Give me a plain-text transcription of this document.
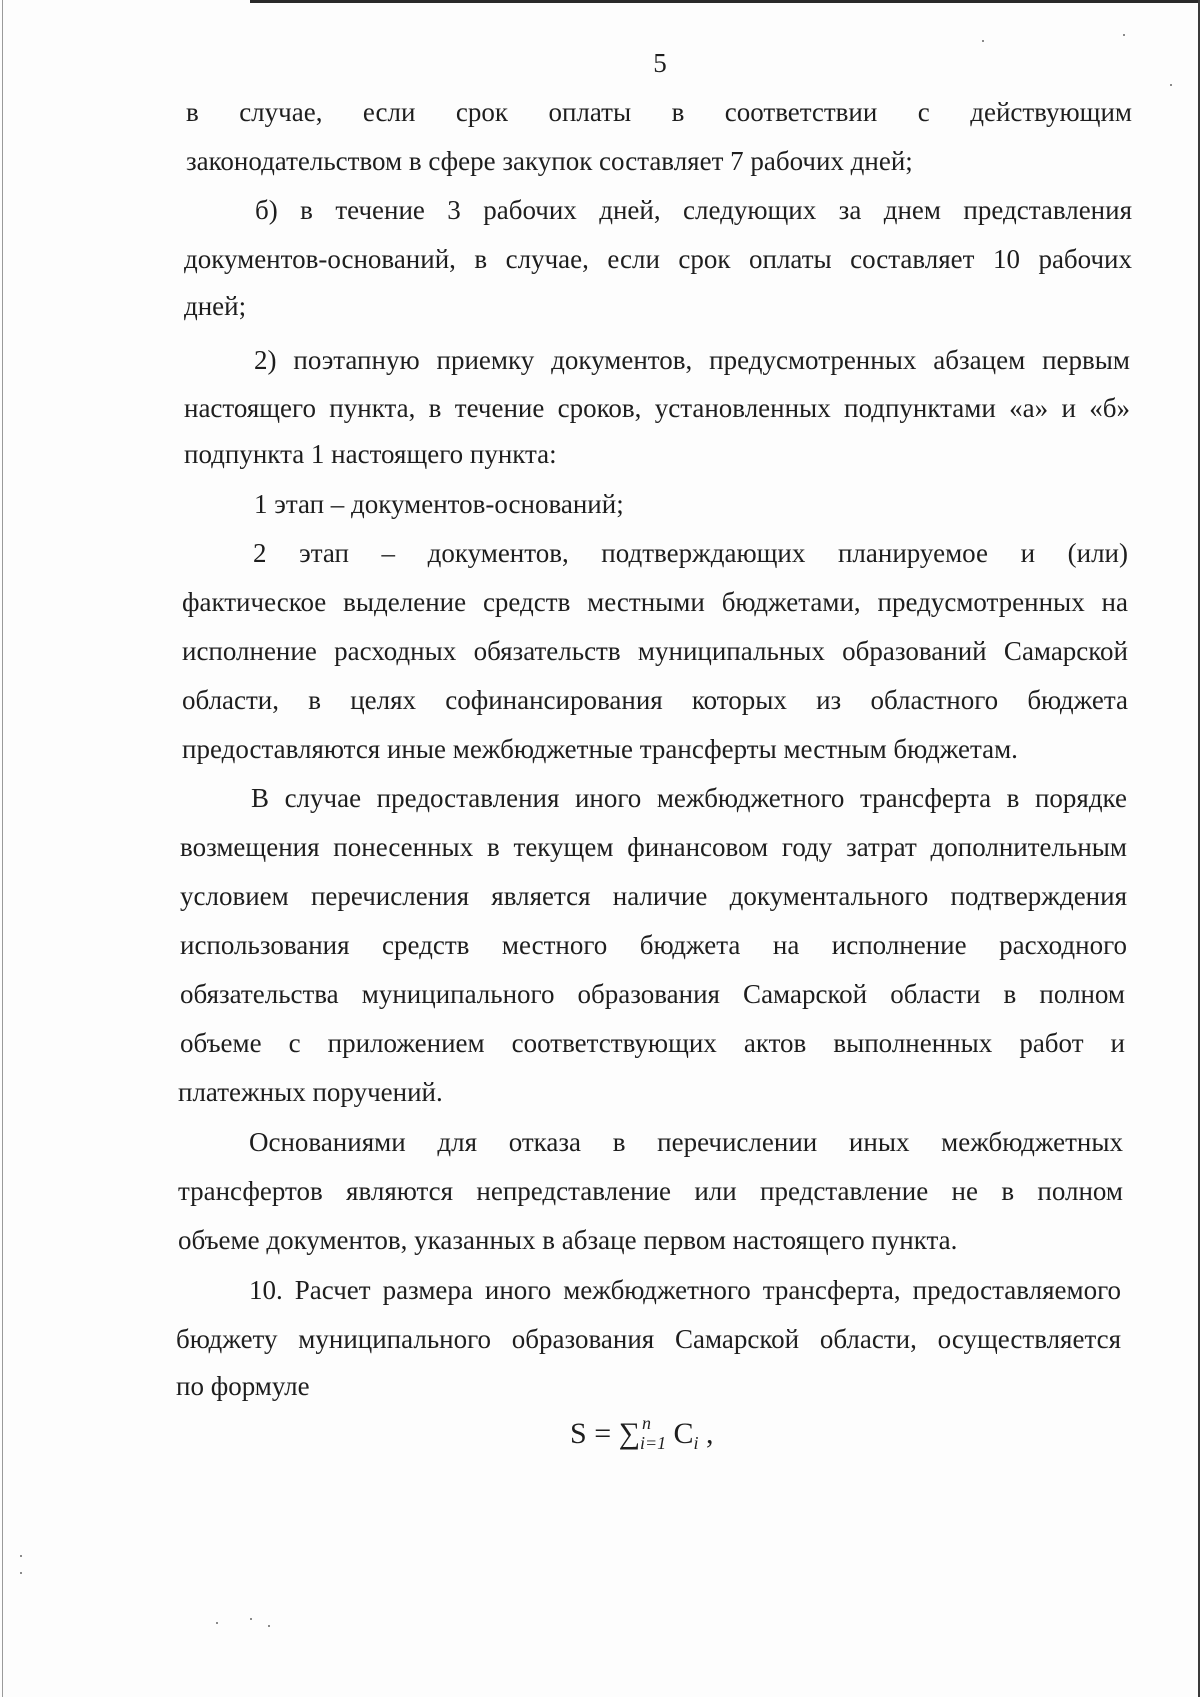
5
в случае, если срок оплаты в соответствии с действующим
законодательством в сфере закупок составляет 7 рабочих дней;
б) в течение 3 рабочих дней, следующих за днем представления
документов-оснований, в случае, если срок оплаты составляет 10 рабочих
дней;
2) поэтапную приемку документов, предусмотренных абзацем первым
настоящего пункта, в течение сроков, установленных подпунктами «а» и «б»
подпункта 1 настоящего пункта:
1 этап – документов-оснований;
2 этап – документов, подтверждающих планируемое и (или)
фактическое выделение средств местными бюджетами, предусмотренных на
исполнение расходных обязательств муниципальных образований Самарской
области, в целях софинансирования которых из областного бюджета
предоставляются иные межбюджетные трансферты местным бюджетам.
В случае предоставления иного межбюджетного трансферта в порядке
возмещения понесенных в текущем финансовом году затрат дополнительным
условием перечисления является наличие документального подтверждения
использования средств местного бюджета на исполнение расходного
обязательства муниципального образования Самарской области в полном
объеме с приложением соответствующих актов выполненных работ и
платежных поручений.
Основаниями для отказа в перечислении иных межбюджетных
трансфертов являются непредставление или представление не в полном
объеме документов, указанных в абзаце первом настоящего пункта.
10. Расчет размера иного межбюджетного трансферта, предоставляемого
бюджету муниципального образования Самарской области, осуществляется
по формуле
S = ∑ n
i=1 $C_i$ ,
